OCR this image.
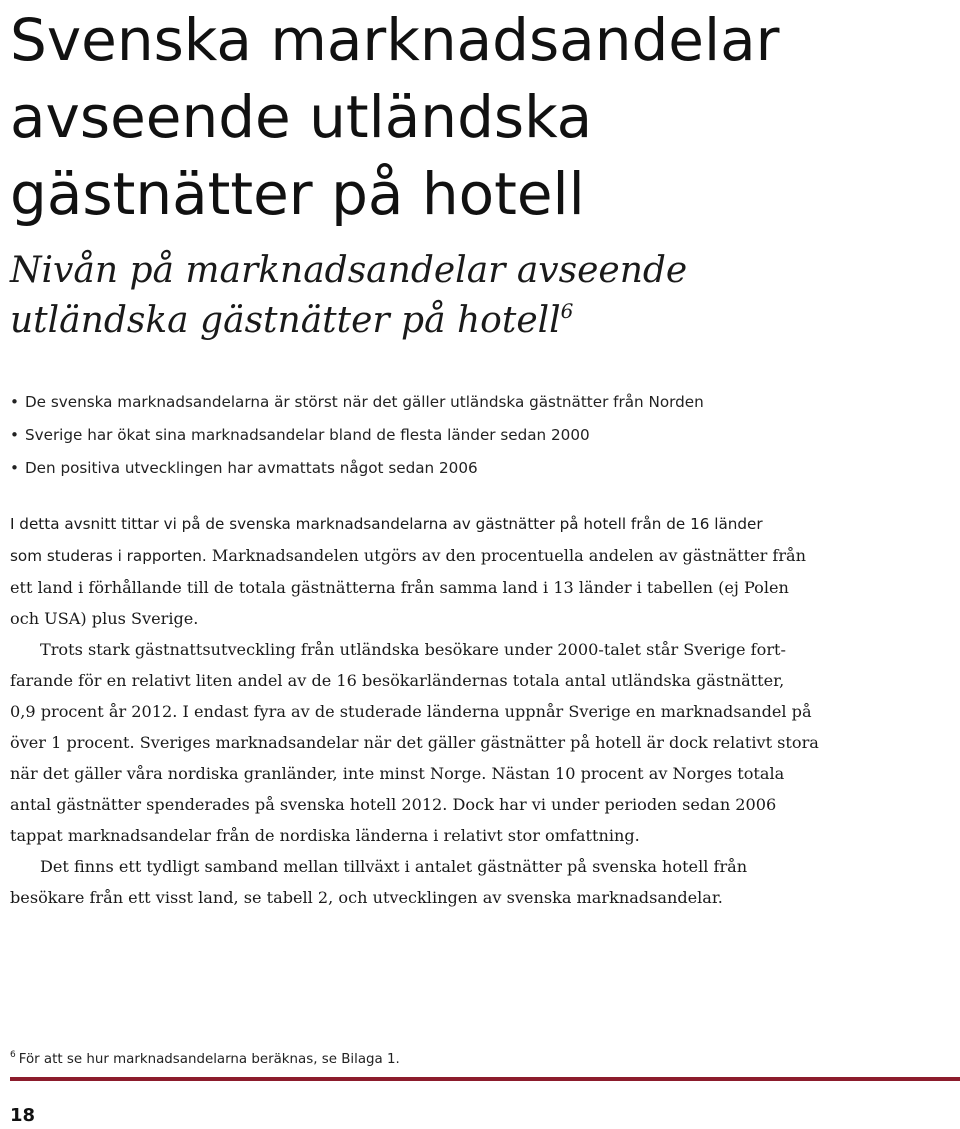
Svenska marknadsandelar
avseende utländska
gästnätter på hotell
Nivån på marknadsandelar avseende
utländska gästnätter på hotell$^6$
• De svenska marknadsandelarna är störst när det gäller utländska gästnätter från Norden
• Sverige har ökat sina marknadsandelar bland de flesta länder sedan 2000
• Den positiva utvecklingen har avmattats något sedan 2006
I detta avsnitt tittar vi på de svenska marknadsandelarna av gästnätter på hotell från de 16 länder
som studeras i rapporten. Marknadsandelen utgörs av den procentuella andelen av gästnätter från
ett land i förhållande till de totala gästnätterna från samma land i 13 länder i tabellen (ej Polen
och USA) plus Sverige.
Trots stark gästnattsutveckling från utländska besökare under 2000-talet står Sverige fort-
farande för en relativt liten andel av de 16 besökarländernas totala antal utländska gästnätter,
0,9 procent år 2012. I endast fyra av de studerade länderna uppnår Sverige en marknadsandel på
över 1 procent. Sveriges marknadsandelar när det gäller gästnätter på hotell är dock relativt stora
när det gäller våra nordiska granländer, inte minst Norge. Nästan 10 procent av Norges totala
antal gästnätter spenderades på svenska hotell 2012. Dock har vi under perioden sedan 2006
tappat marknadsandelar från de nordiska länderna i relativt stor omfattning.
Det finns ett tydligt samband mellan tillväxt i antalet gästnätter på svenska hotell från
besökare från ett visst land, se tabell 2, och utvecklingen av svenska marknadsandelar.
$^6$ För att se hur marknadsandelarna beräknas, se Bilaga 1.
18
